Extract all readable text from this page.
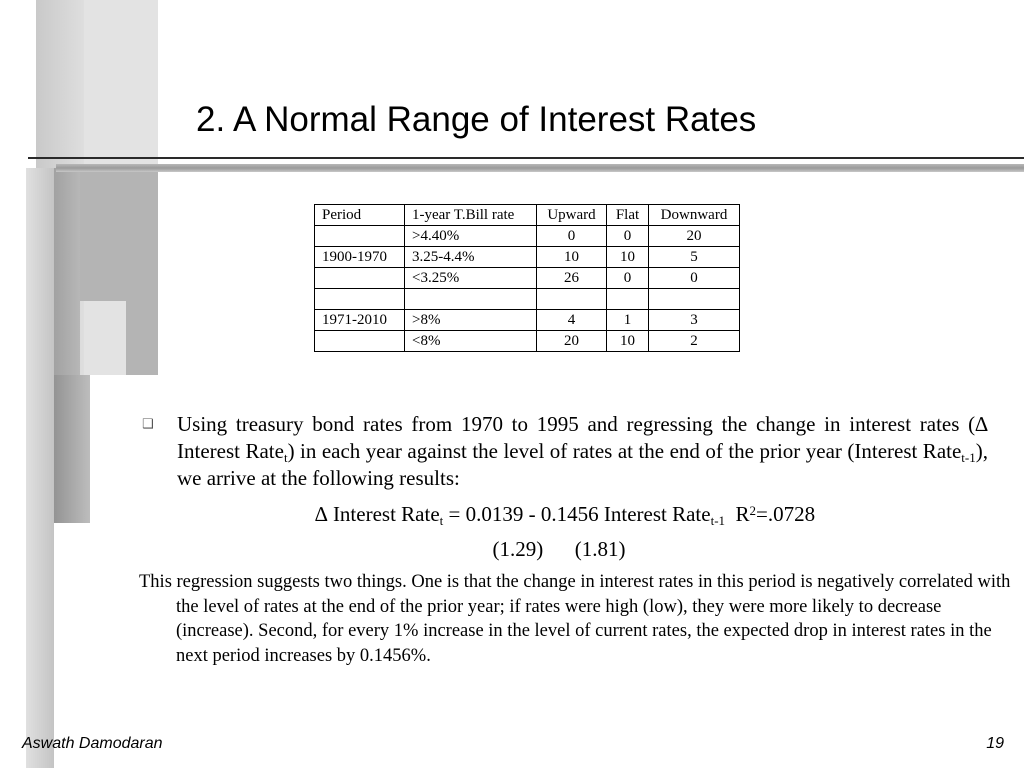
2. A Normal Range of Interest Rates
Period	1-year T.Bill rate	Upward	Flat	Downward
	>4.40%	0	0	20
1900-1970	3.25-4.4%	10	10	5
	<3.25%	26	0	0

1971-2010	>8%	4	1	3
	<8%	20	10	2
❑ Using treasury bond rates from 1970 to 1995 and regressing the change in interest rates (∆ Interest Rate$_t$) in each year against the level of rates at the end of the prior year (Interest Rate$_{t-1}$), we arrive at the following results:
∆ Interest Rate$_t$ = 0.0139 - 0.1456 Interest Rate$_{t-1}$  $R^2=.0728$
(1.29)      (1.81)
This regression suggests two things. One is that the change in interest rates in this period is negatively correlated with the level of rates at the end of the prior year; if rates were high (low), they were more likely to decrease (increase). Second, for every 1% increase in the level of current rates, the expected drop in interest rates in the next period increases by 0.1456%.
Aswath Damodaran	19
